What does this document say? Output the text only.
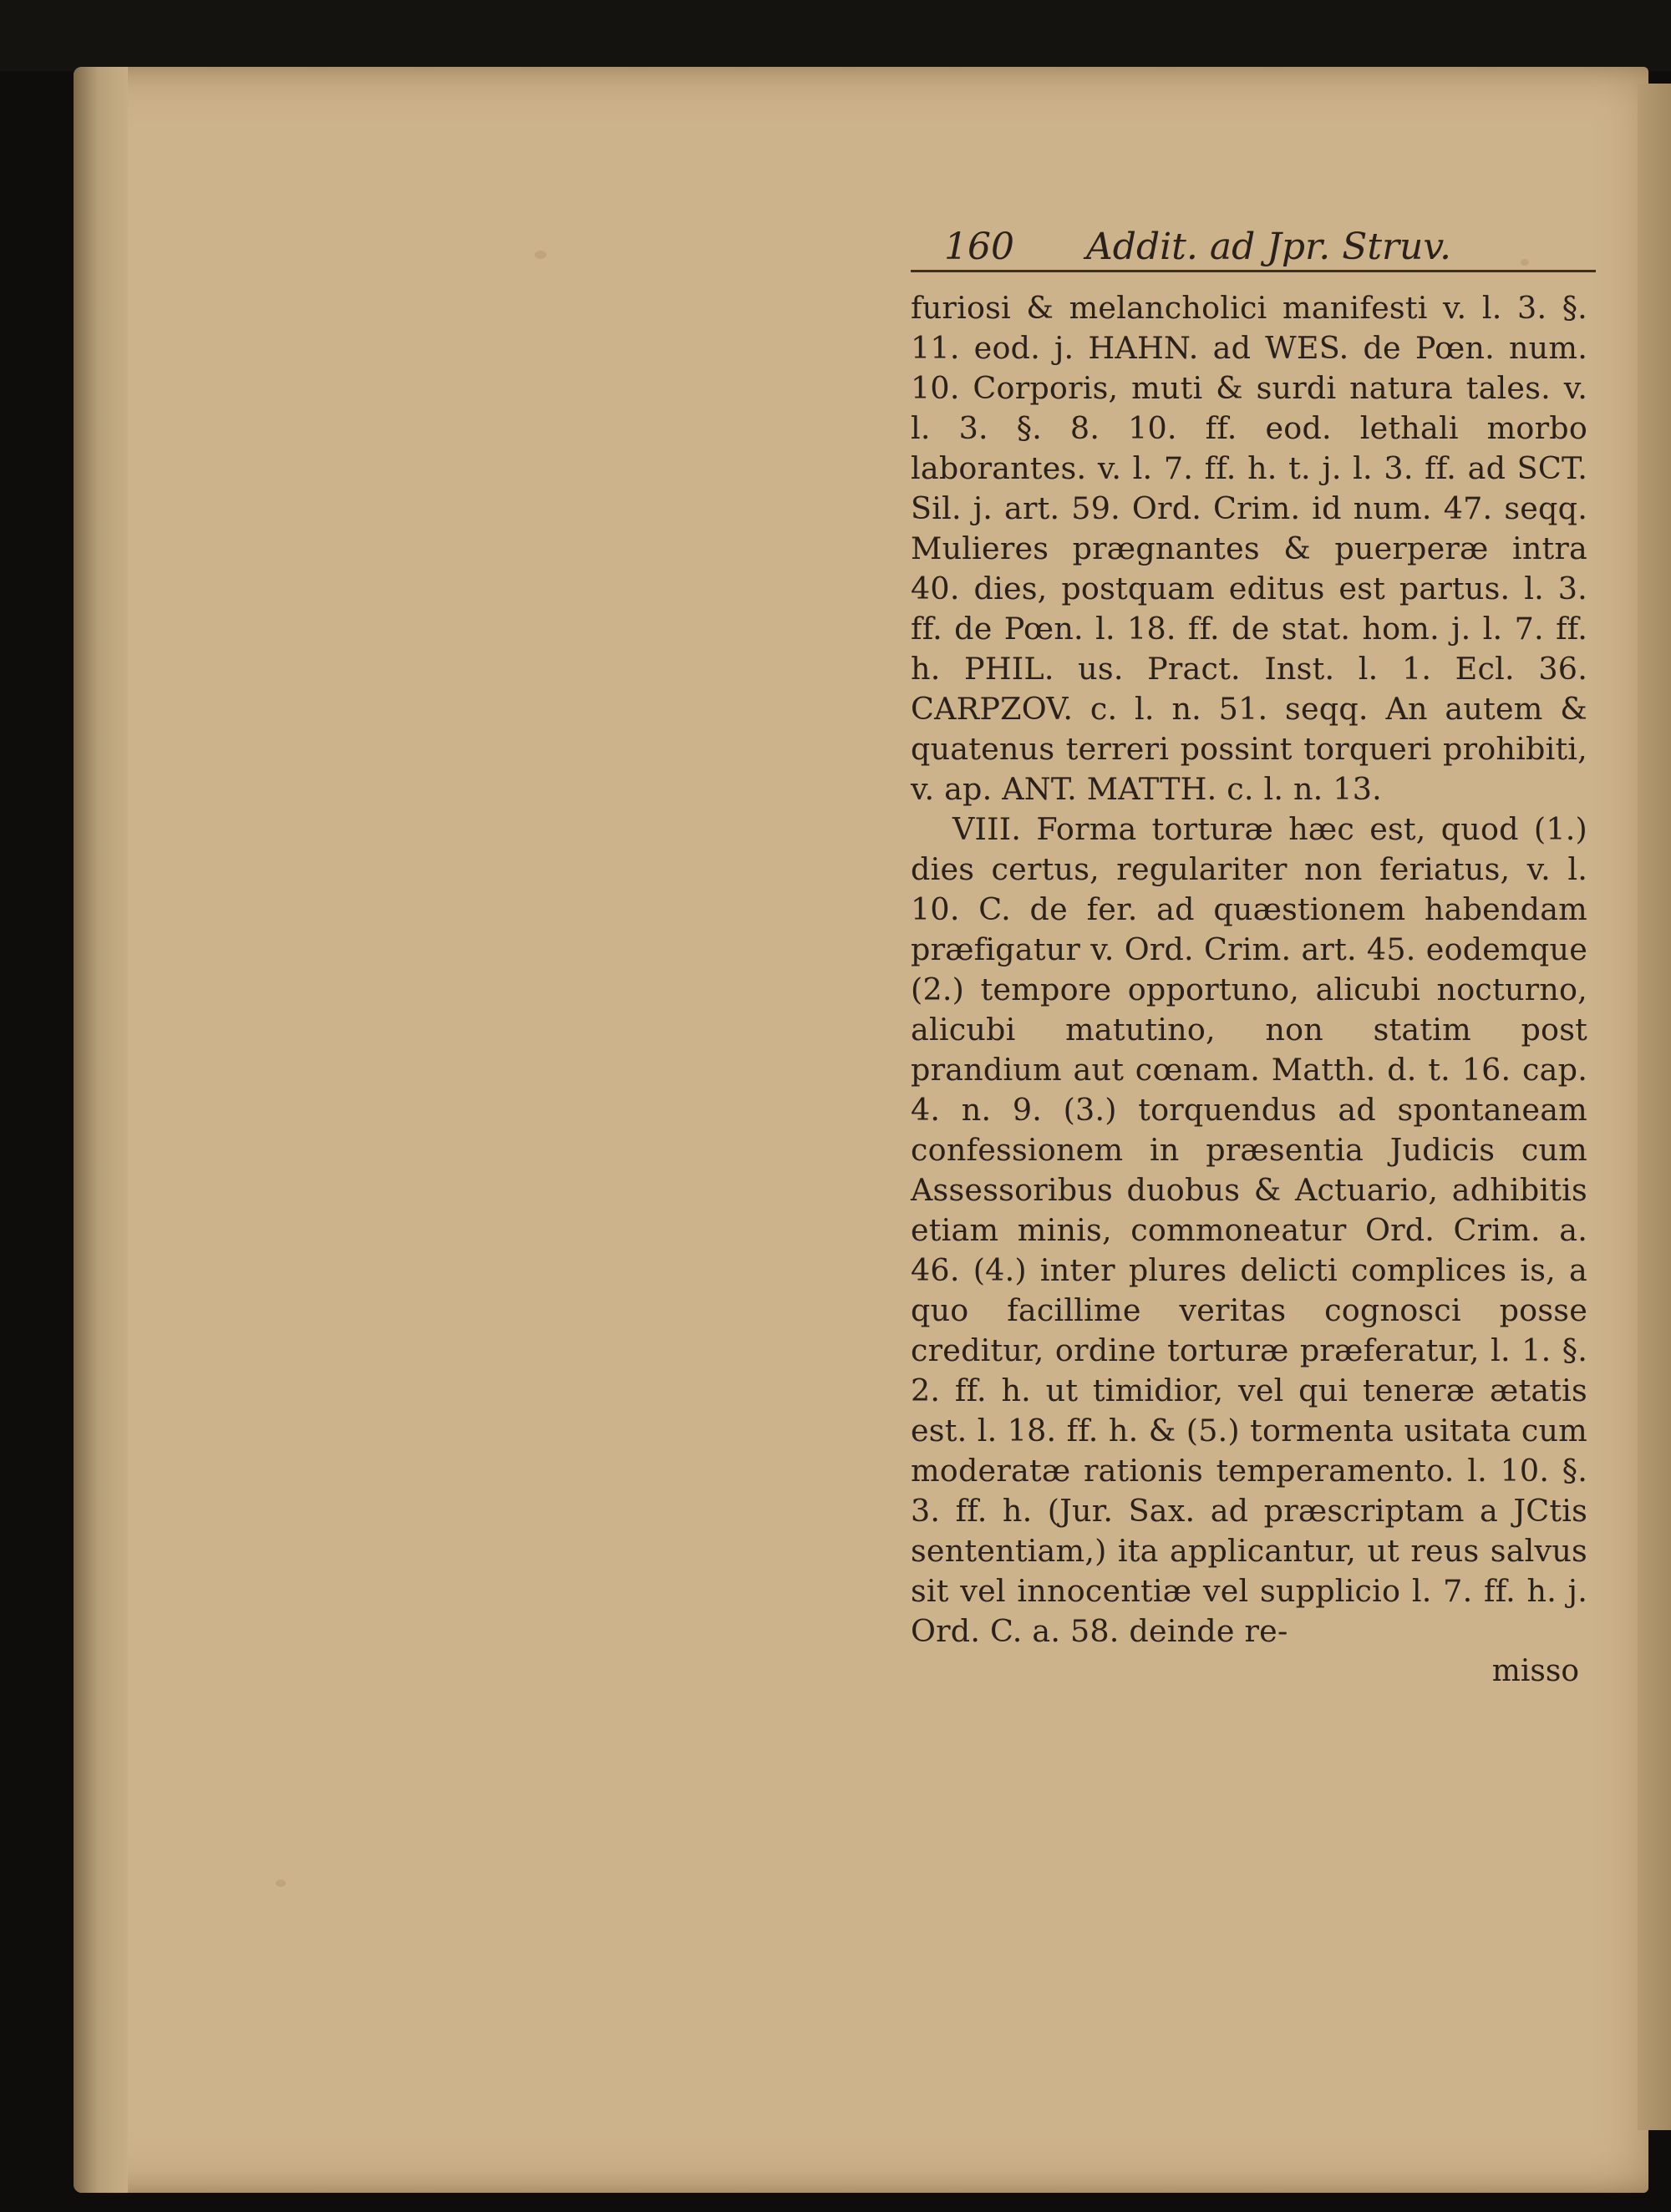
160 Addit. ad Jpr. Struv.
furiosi & melancholici manifesti v. l. 3. §. 11. eod. j. HAHN. ad WES. de Pœn. num. 10. Corporis, muti & surdi natura tales. v. l. 3. §. 8. 10. ff. eod. lethali morbo laborantes. v. l. 7. ff. h. t. j. l. 3. ff. ad SCT. Sil. j. art. 59. Ord. Crim. id num. 47. seqq. Mulieres prægnantes & puerperæ intra 40. dies, postquam editus est partus. l. 3. ff. de Pœn. l. 18. ff. de stat. hom. j. l. 7. ff. h. PHIL. us. Pract. Inst. l. 1. Ecl. 36. CARPZOV. c. l. n. 51. seqq. An autem & quatenus terreri possint torqueri prohibiti, v. ap. ANT. MATTH. c. l. n. 13.
VIII. Forma torturæ hæc est, quod (1.) dies certus, regulariter non feriatus, v. l. 10. C. de fer. ad quæstionem habendam præfigatur v. Ord. Crim. art. 45. eodemque (2.) tempore opportuno, alicubi nocturno, alicubi matutino, non statim post prandium aut cœnam. Matth. d. t. 16. cap. 4. n. 9. (3.) torquendus ad spontaneam confessionem in præsentia Judicis cum Assessoribus duobus & Actuario, adhibitis etiam minis, commoneatur Ord. Crim. a. 46. (4.) inter plures delicti complices is, a quo facillime veritas cognosci posse creditur, ordine torturæ præferatur, l. 1. §. 2. ff. h. ut timidior, vel qui teneræ ætatis est. l. 18. ff. h. & (5.) tormenta usitata cum moderatæ rationis temperamento. l. 10. §. 3. ff. h. (Jur. Sax. ad præscriptam a JCtis sententiam,) ita applicantur, ut reus salvus sit vel innocentiæ vel supplicio l. 7. ff. h. j. Ord. C. a. 58. deinde re-
misso
